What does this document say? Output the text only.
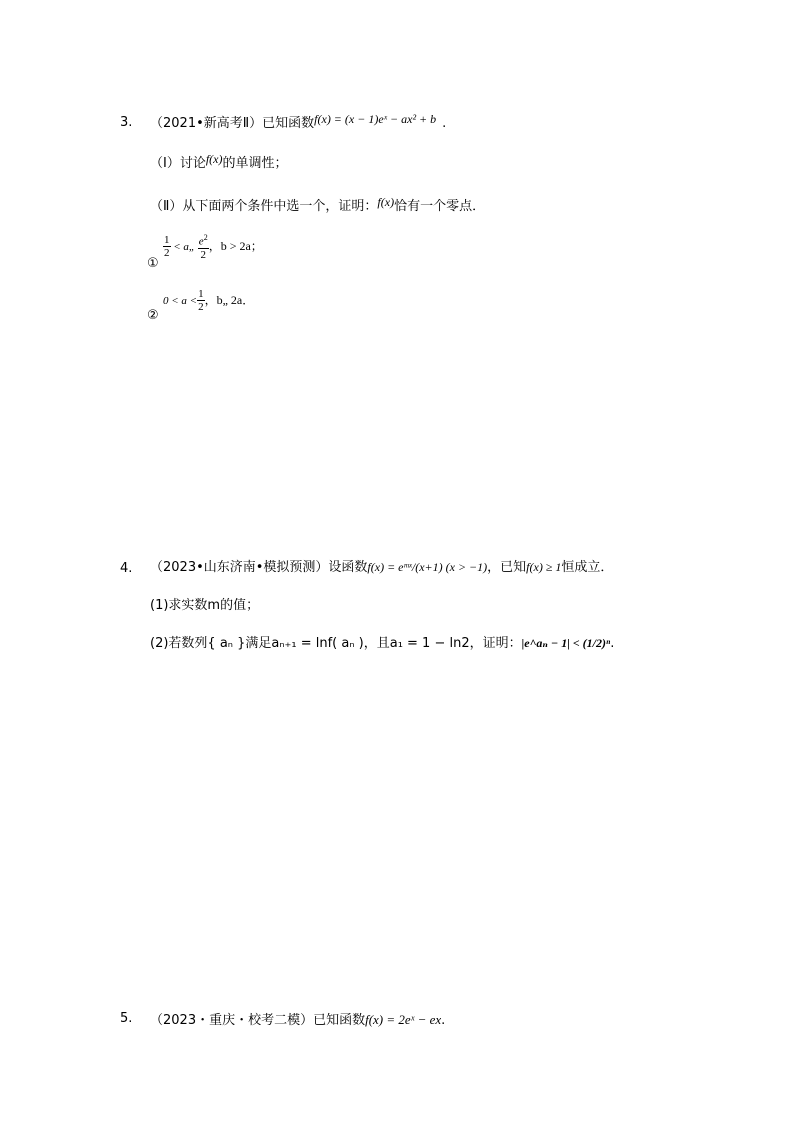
3. （2021•新高考Ⅱ）已知函数f(x) = (x − 1)eˣ − ax² + b .
（Ⅰ）讨论f(x)的单调性；
（Ⅱ）从下面两个条件中选一个，证明：f(x)恰有一个零点．
①
$\frac{1}{2}$ < a„ $\frac{e^2}{2}$ ，b > 2a；
②
$0 < a < \frac{1}{2}$ ，b„ 2a．
4. （2023•山东济南•模拟预测）设函数f(x) = eᵐˣ/(x+1) (x > −1)，已知f(x) ≥ 1恒成立．
(1)求实数m的值；
(2)若数列{ aₙ }满足aₙ₊₁ = lnf( aₙ )，且a₁ = 1 − ln2，证明：|e^aₙ − 1| < (1/2)ⁿ.
5. （2023・重庆・校考二模）已知函数f(x) = 2eˣ − ex.
